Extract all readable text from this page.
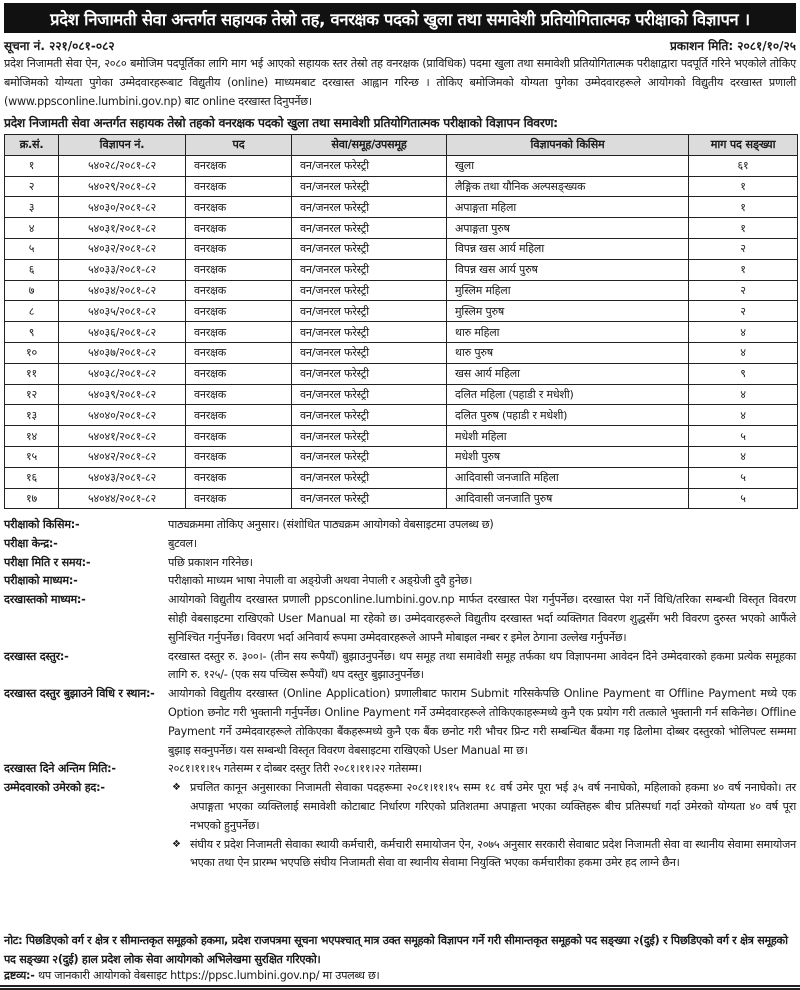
प्रदेश निजामती सेवा अन्तर्गत सहायक तेस्रो तह, वनरक्षक पदको खुला तथा समावेशी प्रतियोगितात्मक परीक्षाको विज्ञापन ।
सूचना नं. २२१/०८१-०८२	प्रकाशन मिति: २०८१/१०/२५

प्रदेश निजामती सेवा ऐन, २०८० बमोजिम पदपूर्तिका लागि माग भई आएको सहायक स्तर तेस्रो तह वनरक्षक (प्राविधिक) पदमा खुला तथा समावेशी प्रतियोगितात्मक परीक्षाद्वारा पदपूर्ति गरिने भएकोले तोकिए बमोजिमको योग्यता पुगेका उम्मेदवारहरूबाट विद्युतीय (online) माध्यमबाट दरखास्त आह्वान गरिन्छ । तोकिए बमोजिमको योग्यता पुगेका उम्मेदवारहरूले आयोगको विद्युतीय दरखास्त प्रणाली (www.ppsconline.lumbini.gov.np) बाट online दरखास्त दिनुपर्नेछ।

प्रदेश निजामती सेवा अन्तर्गत सहायक तेस्रो तहको वनरक्षक पदको खुला तथा समावेशी प्रतियोगितात्मक परीक्षाको विज्ञापन विवरण:
क्र.सं.	विज्ञापन नं.	पद	सेवा/समूह/उपसमूह	विज्ञापनको किसिम	माग पद सङ्ख्या
१	५४०२८/२०८१-८२	वनरक्षक	वन/जनरल फरेस्ट्री	खुला	६१
२	५४०२९/२०८१-८२	वनरक्षक	वन/जनरल फरेस्ट्री	लैङ्गिक तथा यौनिक अल्पसङ्ख्यक	१
३	५४०३०/२०८१-८२	वनरक्षक	वन/जनरल फरेस्ट्री	अपाङ्गता महिला	१
४	५४०३१/२०८१-८२	वनरक्षक	वन/जनरल फरेस्ट्री	अपाङ्गता पुरुष	१
५	५४०३२/२०८१-८२	वनरक्षक	वन/जनरल फरेस्ट्री	विपन्न खस आर्य महिला	२
६	५४०३३/२०८१-८२	वनरक्षक	वन/जनरल फरेस्ट्री	विपन्न खस आर्य पुरुष	१
७	५४०३४/२०८१-८२	वनरक्षक	वन/जनरल फरेस्ट्री	मुस्लिम महिला	२
८	५४०३५/२०८१-८२	वनरक्षक	वन/जनरल फरेस्ट्री	मुस्लिम पुरुष	२
९	५४०३६/२०८१-८२	वनरक्षक	वन/जनरल फरेस्ट्री	थारु महिला	४
१०	५४०३७/२०८१-८२	वनरक्षक	वन/जनरल फरेस्ट्री	थारु पुरुष	४
११	५४०३८/२०८१-८२	वनरक्षक	वन/जनरल फरेस्ट्री	खस आर्य महिला	९
१२	५४०३९/२०८१-८२	वनरक्षक	वन/जनरल फरेस्ट्री	दलित महिला (पहाडी र मधेशी)	४
१३	५४०४०/२०८१-८२	वनरक्षक	वन/जनरल फरेस्ट्री	दलित पुरुष (पहाडी र मधेशी)	४
१४	५४०४१/२०८१-८२	वनरक्षक	वन/जनरल फरेस्ट्री	मधेशी महिला	५
१५	५४०४२/२०८१-८२	वनरक्षक	वन/जनरल फरेस्ट्री	मधेशी पुरुष	४
१६	५४०४३/२०८१-८२	वनरक्षक	वन/जनरल फरेस्ट्री	आदिवासी जनजाति महिला	५
१७	५४०४४/२०८१-८२	वनरक्षक	वन/जनरल फरेस्ट्री	आदिवासी जनजाति पुरुष	५
परीक्षाको किसिम:-	पाठ्यक्रममा तोकिए अनुसार। (संशोधित पाठ्यक्रम आयोगको वेबसाइटमा उपलब्ध छ)
परीक्षा केन्द्र:-	बुटवल।
परीक्षा मिति र समय:-	पछि प्रकाशन गरिनेछ।
परीक्षाको माध्यम:-	परीक्षाको माध्यम भाषा नेपाली वा अङ्ग्रेजी अथवा नेपाली र अङ्ग्रेजी दुवै हुनेछ।
दरखास्तको माध्यम:-	आयोगको विद्युतीय दरखास्त प्रणाली ppsconline.lumbini.gov.np मार्फत दरखास्त पेश गर्नुपर्नेछ। दरखास्त पेश गर्ने विधि/तरिका सम्बन्धी विस्तृत विवरण सोही वेबसाइटमा राखिएको User Manual मा रहेको छ। उम्मेदवारहरूले विद्युतीय दरखास्त भर्दा व्यक्तिगत विवरण शुद्धसँग भरी विवरण दुरुस्त भएको आफैंले सुनिश्चित गर्नुपर्नेछ। विवरण भर्दा अनिवार्य रूपमा उम्मेदवारहरूले आफ्नै मोबाइल नम्बर र इमेल ठेगाना उल्लेख गर्नुपर्नेछ।
दरखास्त दस्तुर:-	दरखास्त दस्तुर रु. ३००।- (तीन सय रूपैयाँ) बुझाउनुपर्नेछ। थप समूह तथा समावेशी समूह तर्फका थप विज्ञापनमा आवेदन दिने उम्मेदवारको हकमा प्रत्येक समूहका लागि रु. १२५/- (एक सय पच्चिस रूपैयाँ) थप दस्तुर बुझाउनुपर्नेछ।
दरखास्त दस्तुर बुझाउने विधि र स्थान:-	आयोगको विद्युतीय दरखास्त (Online Application) प्रणालीबाट फाराम Submit गरिसकेपछि Online Payment वा Offline Payment मध्ये एक Option छनोट गरी भुक्तानी गर्नुपर्नेछ। Online Payment गर्ने उम्मेदवारहरूले तोकिएकाहरूमध्ये कुनै एक प्रयोग गरी तत्काले भुक्तानी गर्न सकिनेछ। Offline Payment गर्ने उम्मेदवारहरूले तोकिएका बैंकहरूमध्ये कुनै एक बैंक छनोट गरी भौचर प्रिन्ट गरी सम्बन्धित बैंकमा गइ ढिलोमा दोब्बर दस्तुरको भोलिपल्ट सम्ममा बुझाइ सक्नुपर्नेछ। यस सम्बन्धी विस्तृत विवरण वेबसाइटमा राखिएको User Manual मा छ।
दरखास्त दिने अन्तिम मिति:-	२०८१।११।१५ गतेसम्म र दोब्बर दस्तुर तिरी २०८१।११।२२ गतेसम्म।
उम्मेदवारको उमेरको हद:-	❖ प्रचलित कानून अनुसारका निजामती सेवाका पदहरूमा २०८१।११।१५ सम्म १८ वर्ष उमेर पूरा भई ३५ वर्ष ननाघेको, महिलाको हकमा ४० वर्ष ननाघेको। तर अपाङ्गता भएका व्यक्तिलाई समावेशी कोटाबाट निर्धारण गरिएको प्रतिशतमा अपाङ्गता भएका व्यक्तिहरू बीच प्रतिस्पर्धा गर्दा उमेरको योग्यता ४० वर्ष पूरा नभएको हुनुपर्नेछ।
❖ संघीय र प्रदेश निजामती सेवाका स्थायी कर्मचारी, कर्मचारी समायोजन ऐन, २०७५ अनुसार सरकारी सेवाबाट प्रदेश निजामती सेवा वा स्थानीय सेवामा समायोजन भएका तथा ऐन प्रारम्भ भएपछि संघीय निजामती सेवा वा स्थानीय सेवामा नियुक्ति भएका कर्मचारीका हकमा उमेर हद लाग्ने छैन।
नोट: पिछडिएको वर्ग र क्षेत्र र सीमान्तकृत समूहको हकमा, प्रदेश राजपत्रमा सूचना भएपश्चात् मात्र उक्त समूहको विज्ञापन गर्ने गरी सीमान्तकृत समूहको पद सङ्ख्या २(दुई) र पिछडिएको वर्ग र क्षेत्र समूहको पद सङ्ख्या २(दुई) हाल प्रदेश लोक सेवा आयोगको अभिलेखमा सुरक्षित गरिएको।
द्रष्टव्य:- थप जानकारी आयोगको वेबसाइट https://ppsc.lumbini.gov.np/ मा उपलब्ध छ।
